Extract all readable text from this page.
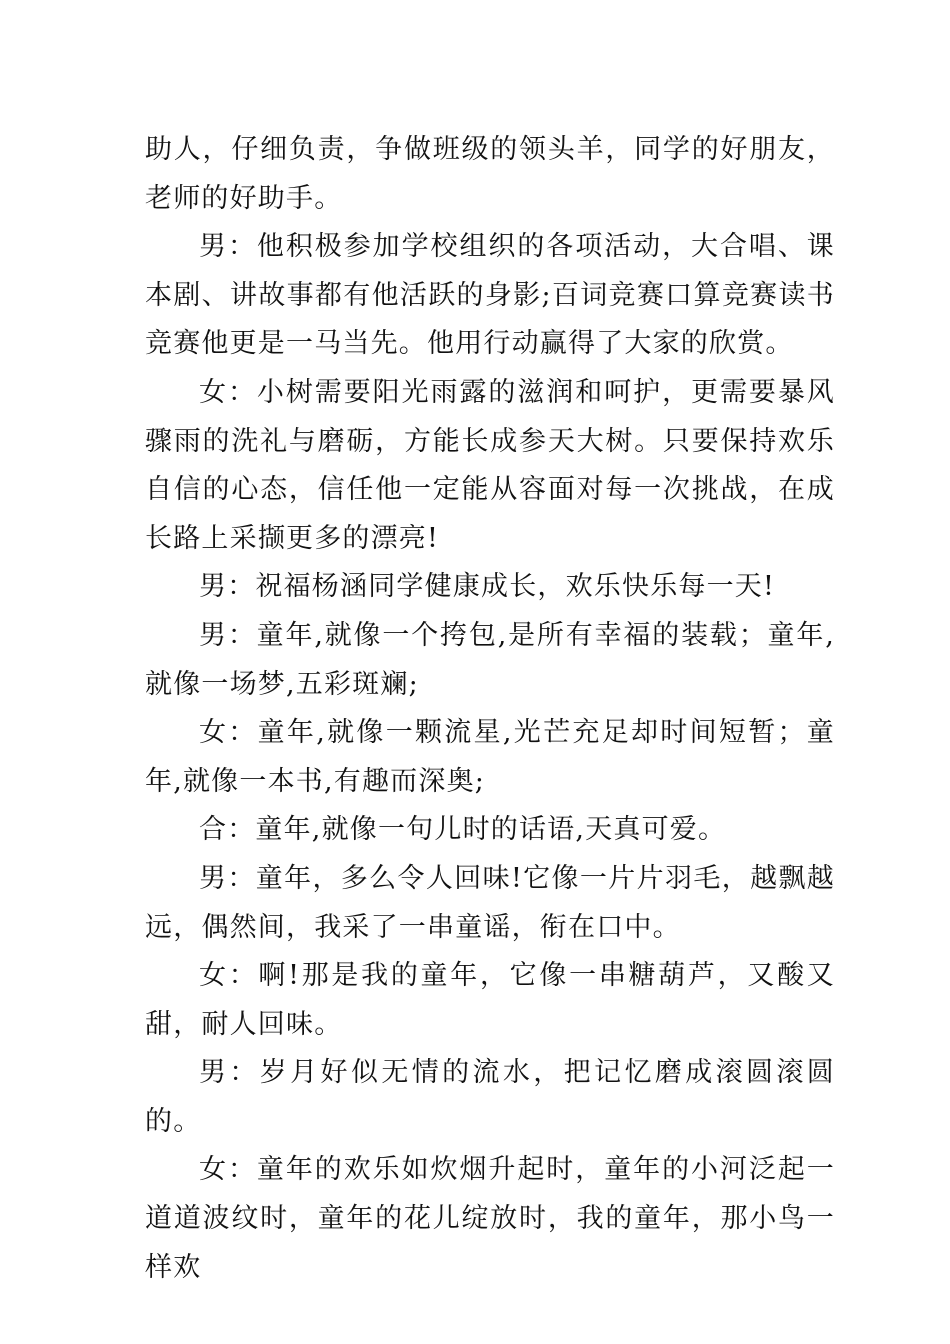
助人，仔细负责，争做班级的领头羊，同学的好朋友，老师的好助手。

男：他积极参加学校组织的各项活动，大合唱、课本剧、讲故事都有他活跃的身影;百词竞赛口算竞赛读书竞赛他更是一马当先。他用行动赢得了大家的欣赏。

女：小树需要阳光雨露的滋润和呵护，更需要暴风骤雨的洗礼与磨砺，方能长成参天大树。只要保持欢乐自信的心态，信任他一定能从容面对每一次挑战，在成长路上采撷更多的漂亮!

男：祝福杨涵同学健康成长，欢乐快乐每一天!

男：童年,就像一个挎包,是所有幸福的装载；童年,就像一场梦,五彩斑斓;

女：童年,就像一颗流星,光芒充足却时间短暂；童年,就像一本书,有趣而深奥;

合：童年,就像一句儿时的话语,天真可爱。

男：童年，多么令人回味!它像一片片羽毛，越飘越远，偶然间，我采了一串童谣，衔在口中。

女：啊!那是我的童年，它像一串糖葫芦，又酸又甜，耐人回味。

男：岁月好似无情的流水，把记忆磨成滚圆滚圆的。

女：童年的欢乐如炊烟升起时，童年的小河泛起一道道波纹时，童年的花儿绽放时，我的童年，那小鸟一样欢
